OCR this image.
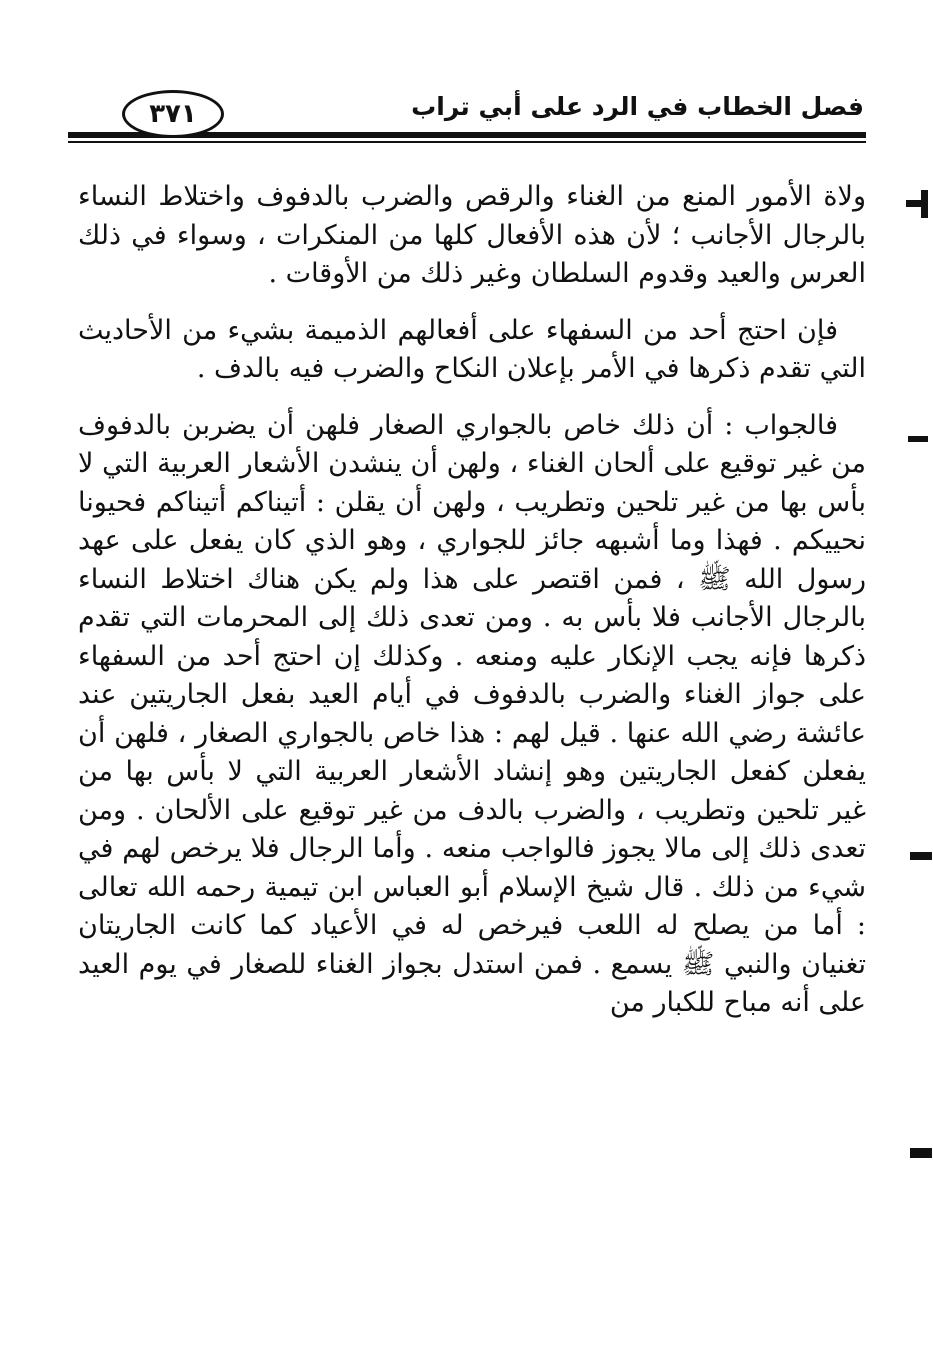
فصل الخطاب في الرد على أبي تراب
٣٧١

ولاة الأمور المنع من الغناء والرقص والضرب بالدفوف واختلاط النساء بالرجال الأجانب ؛ لأن هذه الأفعال كلها من المنكرات ، وسواء في ذلك العرس والعيد وقدوم السلطان وغير ذلك من الأوقات .

فإن احتج أحد من السفهاء على أفعالهم الذميمة بشيء من الأحاديث التي تقدم ذكرها في الأمر بإعلان النكاح والضرب فيه بالدف .

فالجواب : أن ذلك خاص بالجواري الصغار فلهن أن يضربن بالدفوف من غير توقيع على ألحان الغناء ، ولهن أن ينشدن الأشعار العربية التي لا بأس بها من غير تلحين وتطريب ، ولهن أن يقلن : أتيناكم أتيناكم فحيونا نحييكم . فهذا وما أشبهه جائز للجواري ، وهو الذي كان يفعل على عهد رسول الله ﷺ ، فمن اقتصر على هذا ولم يكن هناك اختلاط النساء بالرجال الأجانب فلا بأس به . ومن تعدى ذلك إلى المحرمات التي تقدم ذكرها فإنه يجب الإنكار عليه ومنعه . وكذلك إن احتج أحد من السفهاء على جواز الغناء والضرب بالدفوف في أيام العيد بفعل الجاريتين عند عائشة رضي الله عنها . قيل لهم : هذا خاص بالجواري الصغار ، فلهن أن يفعلن كفعل الجاريتين وهو إنشاد الأشعار العربية التي لا بأس بها من غير تلحين وتطريب ، والضرب بالدف من غير توقيع على الألحان . ومن تعدى ذلك إلى مالا يجوز فالواجب منعه . وأما الرجال فلا يرخص لهم في شيء من ذلك . قال شيخ الإسلام أبو العباس ابن تيمية رحمه الله تعالى : أما من يصلح له اللعب فيرخص له في الأعياد كما كانت الجاريتان تغنيان والنبي ﷺ يسمع . فمن استدل بجواز الغناء للصغار في يوم العيد على أنه مباح للكبار من
